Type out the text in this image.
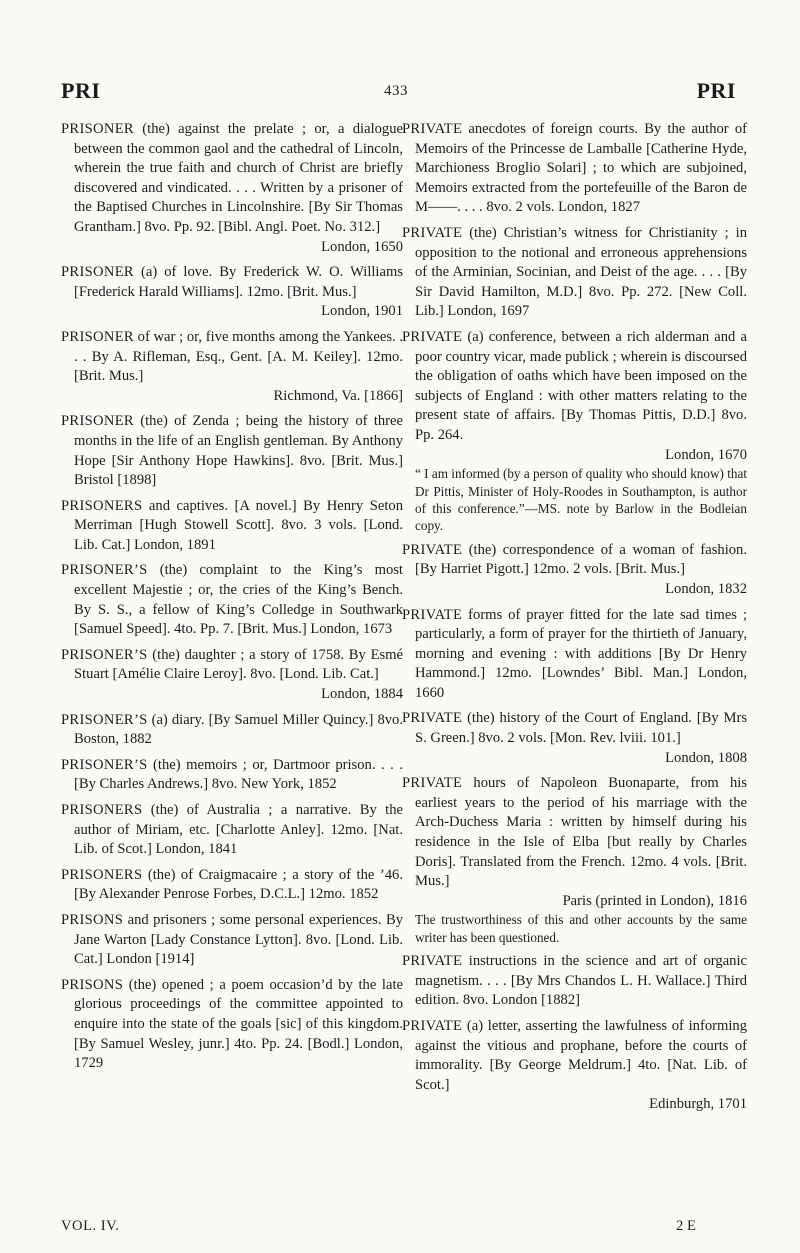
PRI	433	PRI
PRISONER (the) against the prelate ; or, a dialogue between the common gaol and the cathedral of Lincoln, wherein the true faith and church of Christ are briefly discovered and vindicated. . . . Written by a prisoner of the Baptised Churches in Lincolnshire. [By Sir Thomas Grantham.] 8vo. Pp. 92. [Bibl. Angl. Poet. No. 312.]
London, 1650
PRISONER (a) of love. By Frederick W. O. Williams [Frederick Harald Williams]. 12mo. [Brit. Mus.]
London, 1901
PRISONER of war ; or, five months among the Yankees. . . . By A. Rifleman, Esq., Gent. [A. M. Keiley]. 12mo. [Brit. Mus.]
Richmond, Va. [1866]
PRISONER (the) of Zenda ; being the history of three months in the life of an English gentleman. By Anthony Hope [Sir Anthony Hope Hawkins]. 8vo. [Brit. Mus.] Bristol [1898]
PRISONERS and captives. [A novel.] By Henry Seton Merriman [Hugh Stowell Scott]. 8vo. 3 vols. [Lond. Lib. Cat.] London, 1891
PRISONER’S (the) complaint to the King’s most excellent Majestie ; or, the cries of the King’s Bench. By S. S., a fellow of King’s Colledge in Southwark [Samuel Speed]. 4to. Pp. 7. [Brit. Mus.] London, 1673
PRISONER’S (the) daughter ; a story of 1758. By Esmé Stuart [Amélie Claire Leroy]. 8vo. [Lond. Lib. Cat.]
London, 1884
PRISONER’S (a) diary. [By Samuel Miller Quincy.] 8vo. Boston, 1882
PRISONER’S (the) memoirs ; or, Dartmoor prison. . . . [By Charles Andrews.] 8vo. New York, 1852
PRISONERS (the) of Australia ; a narrative. By the author of Miriam, etc. [Charlotte Anley]. 12mo. [Nat. Lib. of Scot.] London, 1841
PRISONERS (the) of Craigmacaire ; a story of the ’46. [By Alexander Penrose Forbes, D.C.L.] 12mo. 1852
PRISONS and prisoners ; some personal experiences. By Jane Warton [Lady Constance Lytton]. 8vo. [Lond. Lib. Cat.] London [1914]
PRISONS (the) opened ; a poem occasion’d by the late glorious proceedings of the committee appointed to enquire into the state of the goals [sic] of this kingdom. [By Samuel Wesley, junr.] 4to. Pp. 24. [Bodl.] London, 1729
PRIVATE anecdotes of foreign courts. By the author of Memoirs of the Princesse de Lamballe [Catherine Hyde, Marchioness Broglio Solari] ; to which are subjoined, Memoirs extracted from the portefeuille of the Baron de M——. . . . 8vo. 2 vols. London, 1827
PRIVATE (the) Christian’s witness for Christianity ; in opposition to the notional and erroneous apprehensions of the Arminian, Socinian, and Deist of the age. . . . [By Sir David Hamilton, M.D.] 8vo. Pp. 272. [New Coll. Lib.] London, 1697
PRIVATE (a) conference, between a rich alderman and a poor country vicar, made publick ; wherein is discoursed the obligation of oaths which have been imposed on the subjects of England : with other matters relating to the present state of affairs. [By Thomas Pittis, D.D.] 8vo. Pp. 264.
London, 1670
“ I am informed (by a person of quality who should know) that Dr Pittis, Minister of Holy-Roodes in Southampton, is author of this conference.”—MS. note by Barlow in the Bodleian copy.
PRIVATE (the) correspondence of a woman of fashion. [By Harriet Pigott.] 12mo. 2 vols. [Brit. Mus.]
London, 1832
PRIVATE forms of prayer fitted for the late sad times ; particularly, a form of prayer for the thirtieth of January, morning and evening : with additions [By Dr Henry Hammond.] 12mo. [Lowndes’ Bibl. Man.] London, 1660
PRIVATE (the) history of the Court of England. [By Mrs S. Green.] 8vo. 2 vols. [Mon. Rev. lviii. 101.]
London, 1808
PRIVATE hours of Napoleon Buonaparte, from his earliest years to the period of his marriage with the Arch-Duchess Maria : written by himself during his residence in the Isle of Elba [but really by Charles Doris]. Translated from the French. 12mo. 4 vols. [Brit. Mus.]
Paris (printed in London), 1816
The trustworthiness of this and other accounts by the same writer has been questioned.
PRIVATE instructions in the science and art of organic magnetism. . . . [By Mrs Chandos L. H. Wallace.] Third edition. 8vo. London [1882]
PRIVATE (a) letter, asserting the lawfulness of informing against the vitious and prophane, before the courts of immorality. [By George Meldrum.] 4to. [Nat. Lib. of Scot.]
Edinburgh, 1701
VOL. IV.	2 E
